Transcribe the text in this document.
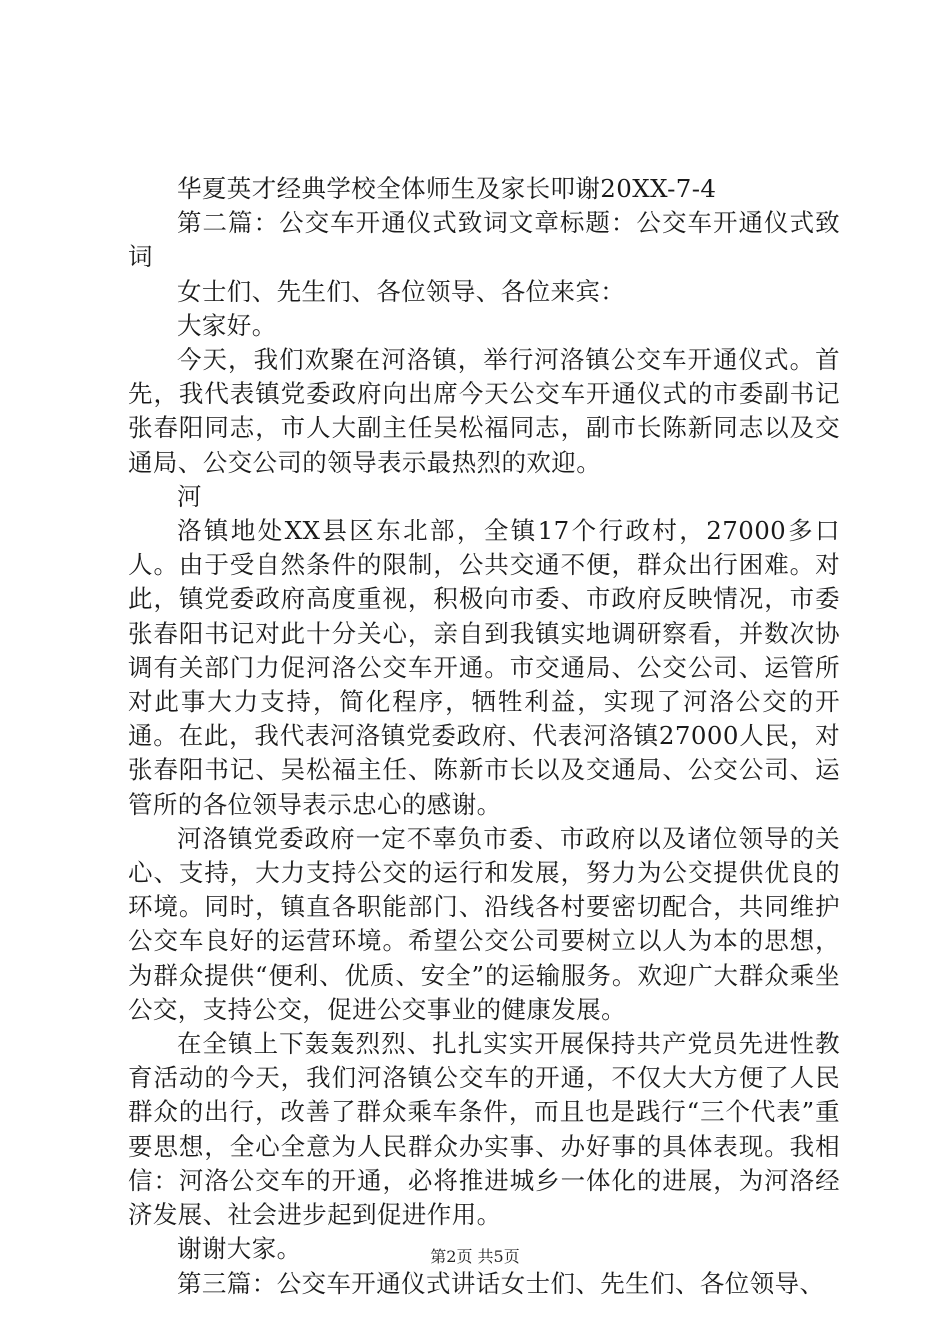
华夏英才经典学校全体师生及家长叩谢20XX-7-4

第二篇：公交车开通仪式致词文章标题：公交车开通仪式致词

女士们、先生们、各位领导、各位来宾：

大家好。

今天，我们欢聚在河洛镇，举行河洛镇公交车开通仪式。首先，我代表镇党委政府向出席今天公交车开通仪式的市委副书记张春阳同志，市人大副主任吴松福同志，副市长陈新同志以及交通局、公交公司的领导表示最热烈的欢迎。

河

洛镇地处XX县区东北部，全镇17个行政村，27000多口人。由于受自然条件的限制，公共交通不便，群众出行困难。对此，镇党委政府高度重视，积极向市委、市政府反映情况，市委张春阳书记对此十分关心，亲自到我镇实地调研察看，并数次协调有关部门力促河洛公交车开通。市交通局、公交公司、运管所对此事大力支持，简化程序，牺牲利益，实现了河洛公交的开通。在此，我代表河洛镇党委政府、代表河洛镇27000人民，对张春阳书记、吴松福主任、陈新市长以及交通局、公交公司、运管所的各位领导表示忠心的感谢。

河洛镇党委政府一定不辜负市委、市政府以及诸位领导的关心、支持，大力支持公交的运行和发展，努力为公交提供优良的环境。同时，镇直各职能部门、沿线各村要密切配合，共同维护公交车良好的运营环境。希望公交公司要树立以人为本的思想，为群众提供“便利、优质、安全”的运输服务。欢迎广大群众乘坐公交，支持公交，促进公交事业的健康发展。

在全镇上下轰轰烈烈、扎扎实实开展保持共产党员先进性教育活动的今天，我们河洛镇公交车的开通，不仅大大方便了人民群众的出行，改善了群众乘车条件，而且也是践行“三个代表”重要思想，全心全意为人民群众办实事、办好事的具体表现。我相信：河洛公交车的开通，必将推进城乡一体化的进展，为河洛经济发展、社会进步起到促进作用。

谢谢大家。

第三篇：公交车开通仪式讲话女士们、先生们、各位领导、

第2页 共5页
